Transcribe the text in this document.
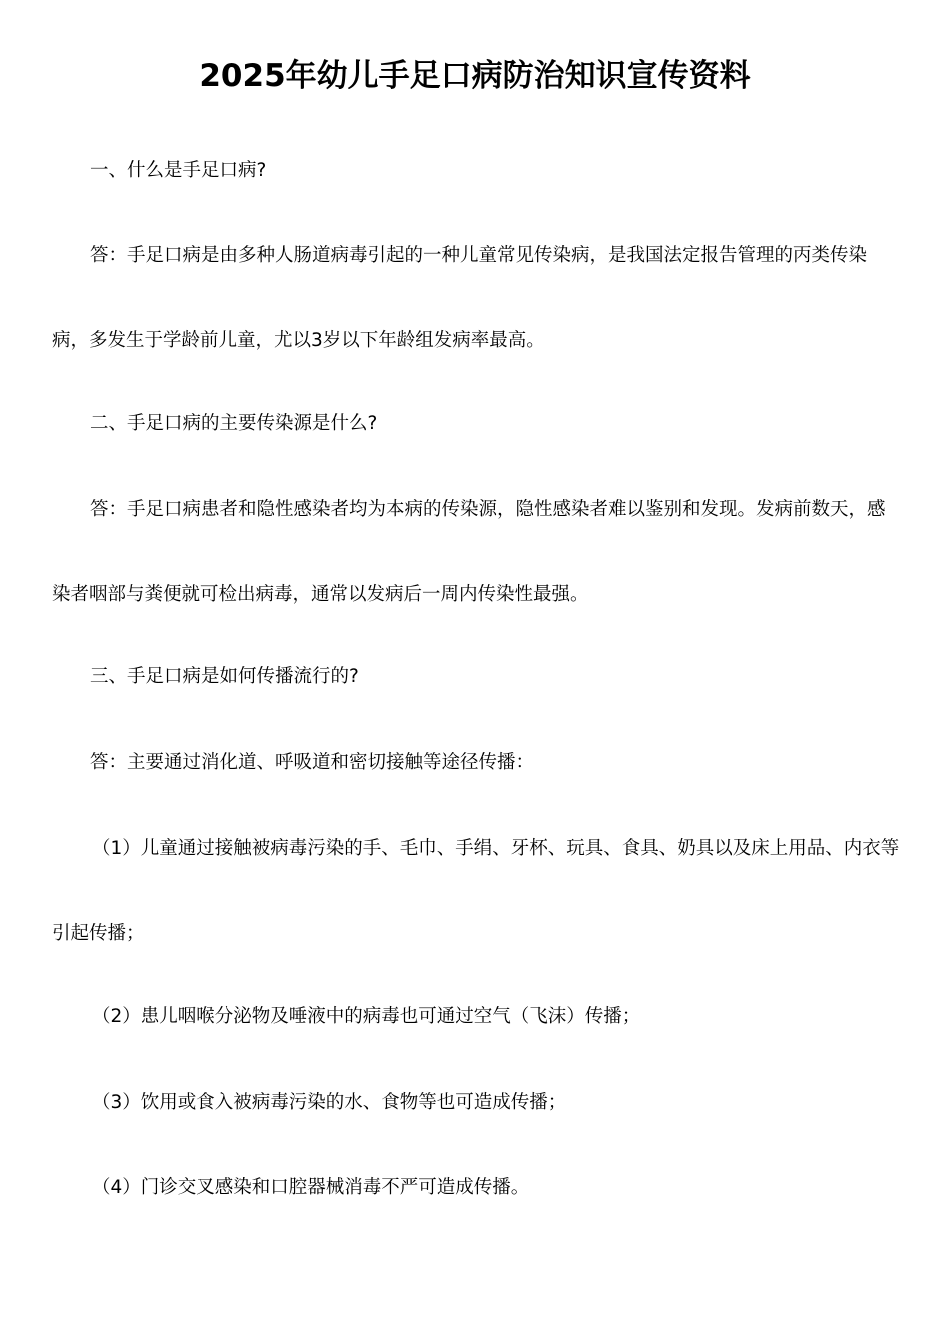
2025年幼儿手足口病防治知识宣传资料

一、什么是手足口病?

答：手足口病是由多种人肠道病毒引起的一种儿童常见传染病，是我国法定报告管理的丙类传染病，多发生于学龄前儿童，尤以3岁以下年龄组发病率最高。

二、手足口病的主要传染源是什么?

答：手足口病患者和隐性感染者均为本病的传染源，隐性感染者难以鉴别和发现。发病前数天，感染者咽部与粪便就可检出病毒，通常以发病后一周内传染性最强。

三、手足口病是如何传播流行的?

答：主要通过消化道、呼吸道和密切接触等途径传播：

（1）儿童通过接触被病毒污染的手、毛巾、手绢、牙杯、玩具、食具、奶具以及床上用品、内衣等引起传播；

（2）患儿咽喉分泌物及唾液中的病毒也可通过空气（飞沫）传播；

（3）饮用或食入被病毒污染的水、食物等也可造成传播；

（4）门诊交叉感染和口腔器械消毒不严可造成传播。
